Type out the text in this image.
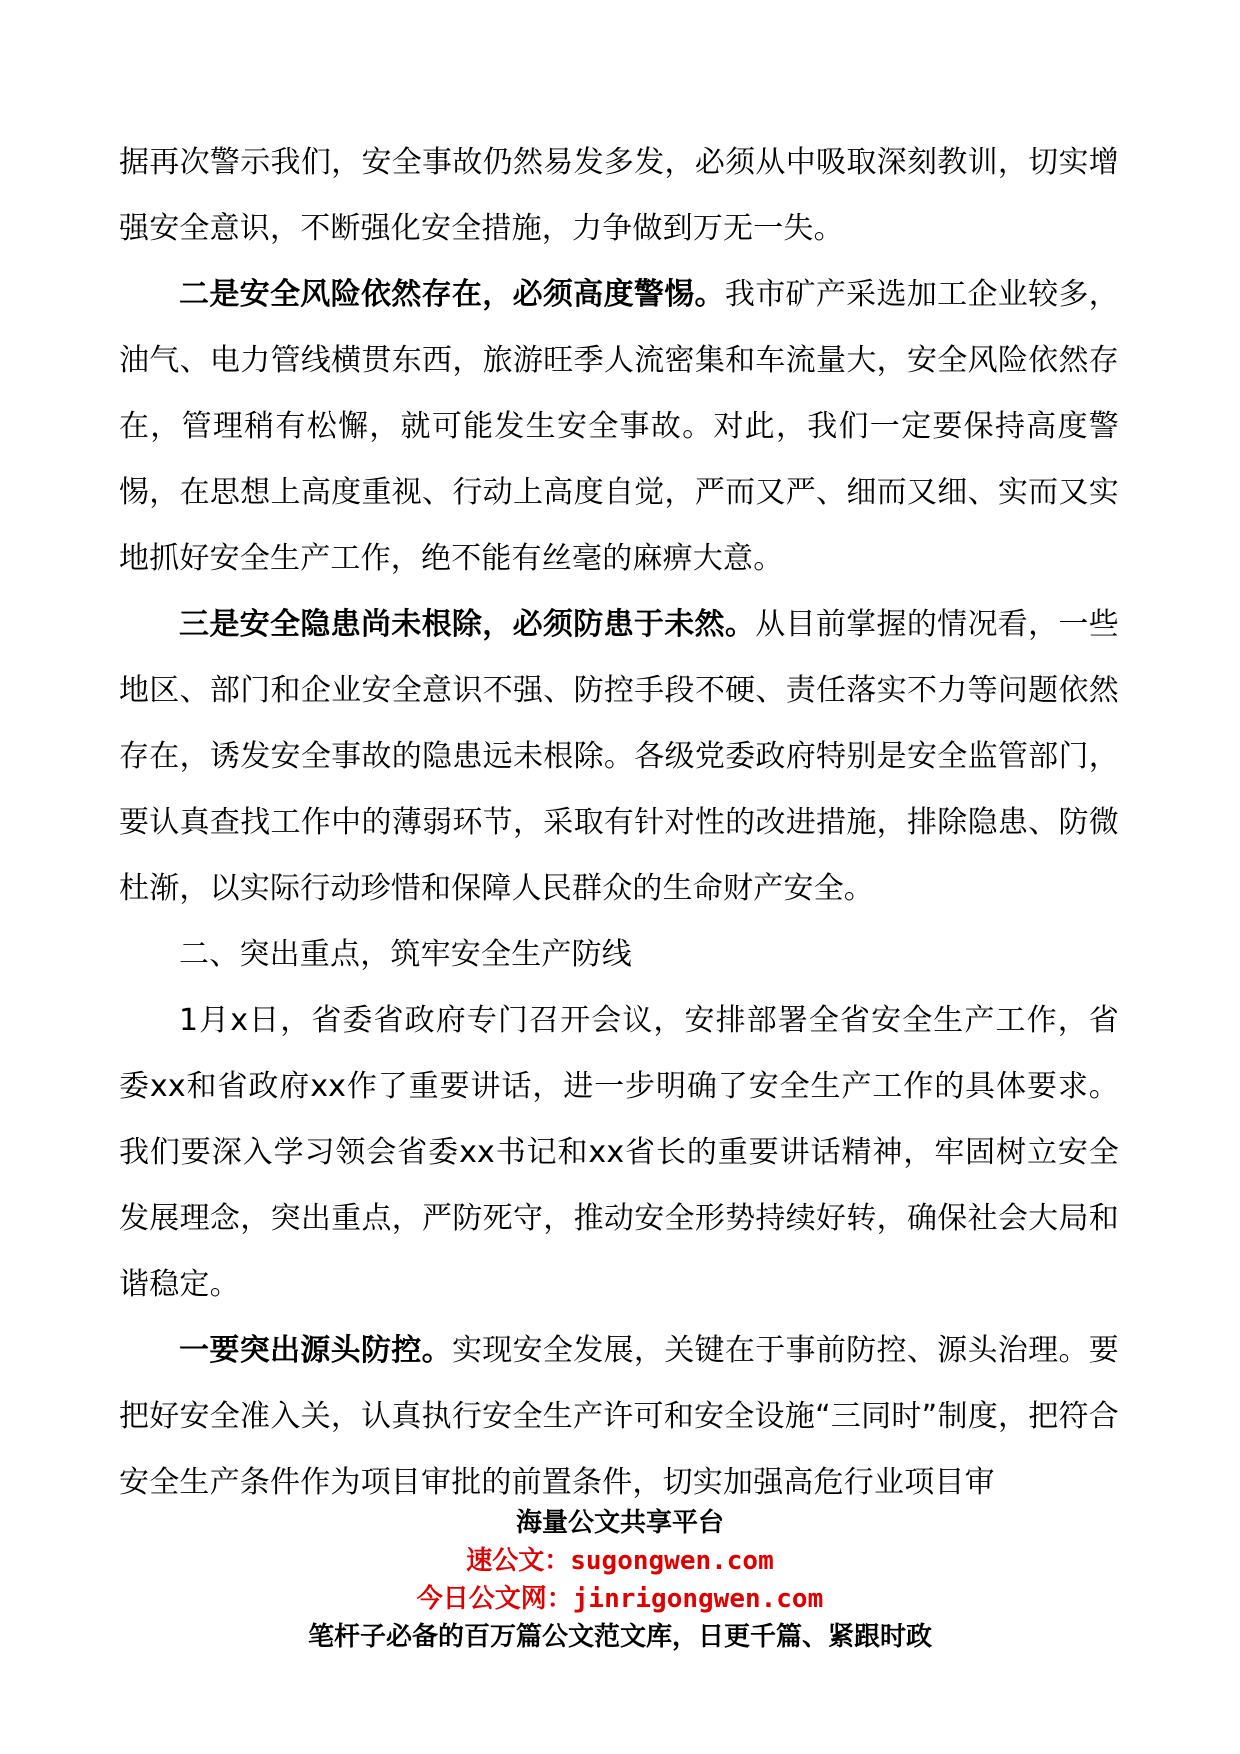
据再次警示我们，安全事故仍然易发多发，必须从中吸取深刻教训，切实增强安全意识，不断强化安全措施，力争做到万无一失。

二是安全风险依然存在，必须高度警惕。我市矿产采选加工企业较多，油气、电力管线横贯东西，旅游旺季人流密集和车流量大，安全风险依然存在，管理稍有松懈，就可能发生安全事故。对此，我们一定要保持高度警惕，在思想上高度重视、行动上高度自觉，严而又严、细而又细、实而又实地抓好安全生产工作，绝不能有丝毫的麻痹大意。

三是安全隐患尚未根除，必须防患于未然。从目前掌握的情况看，一些地区、部门和企业安全意识不强、防控手段不硬、责任落实不力等问题依然存在，诱发安全事故的隐患远未根除。各级党委政府特别是安全监管部门，要认真查找工作中的薄弱环节，采取有针对性的改进措施，排除隐患、防微杜渐，以实际行动珍惜和保障人民群众的生命财产安全。

二、突出重点，筑牢安全生产防线

1月x日，省委省政府专门召开会议，安排部署全省安全生产工作，省委xx和省政府xx作了重要讲话，进一步明确了安全生产工作的具体要求。我们要深入学习领会省委xx书记和xx省长的重要讲话精神，牢固树立安全发展理念，突出重点，严防死守，推动安全形势持续好转，确保社会大局和谐稳定。

一要突出源头防控。实现安全发展，关键在于事前防控、源头治理。要把好安全准入关，认真执行安全生产许可和安全设施“三同时”制度，把符合安全生产条件作为项目审批的前置条件，切实加强高危行业项目审

海量公文共享平台

速公文：sugongwen.com

今日公文网：jinrigongwen.com

笔杆子必备的百万篇公文范文库，日更千篇、紧跟时政
